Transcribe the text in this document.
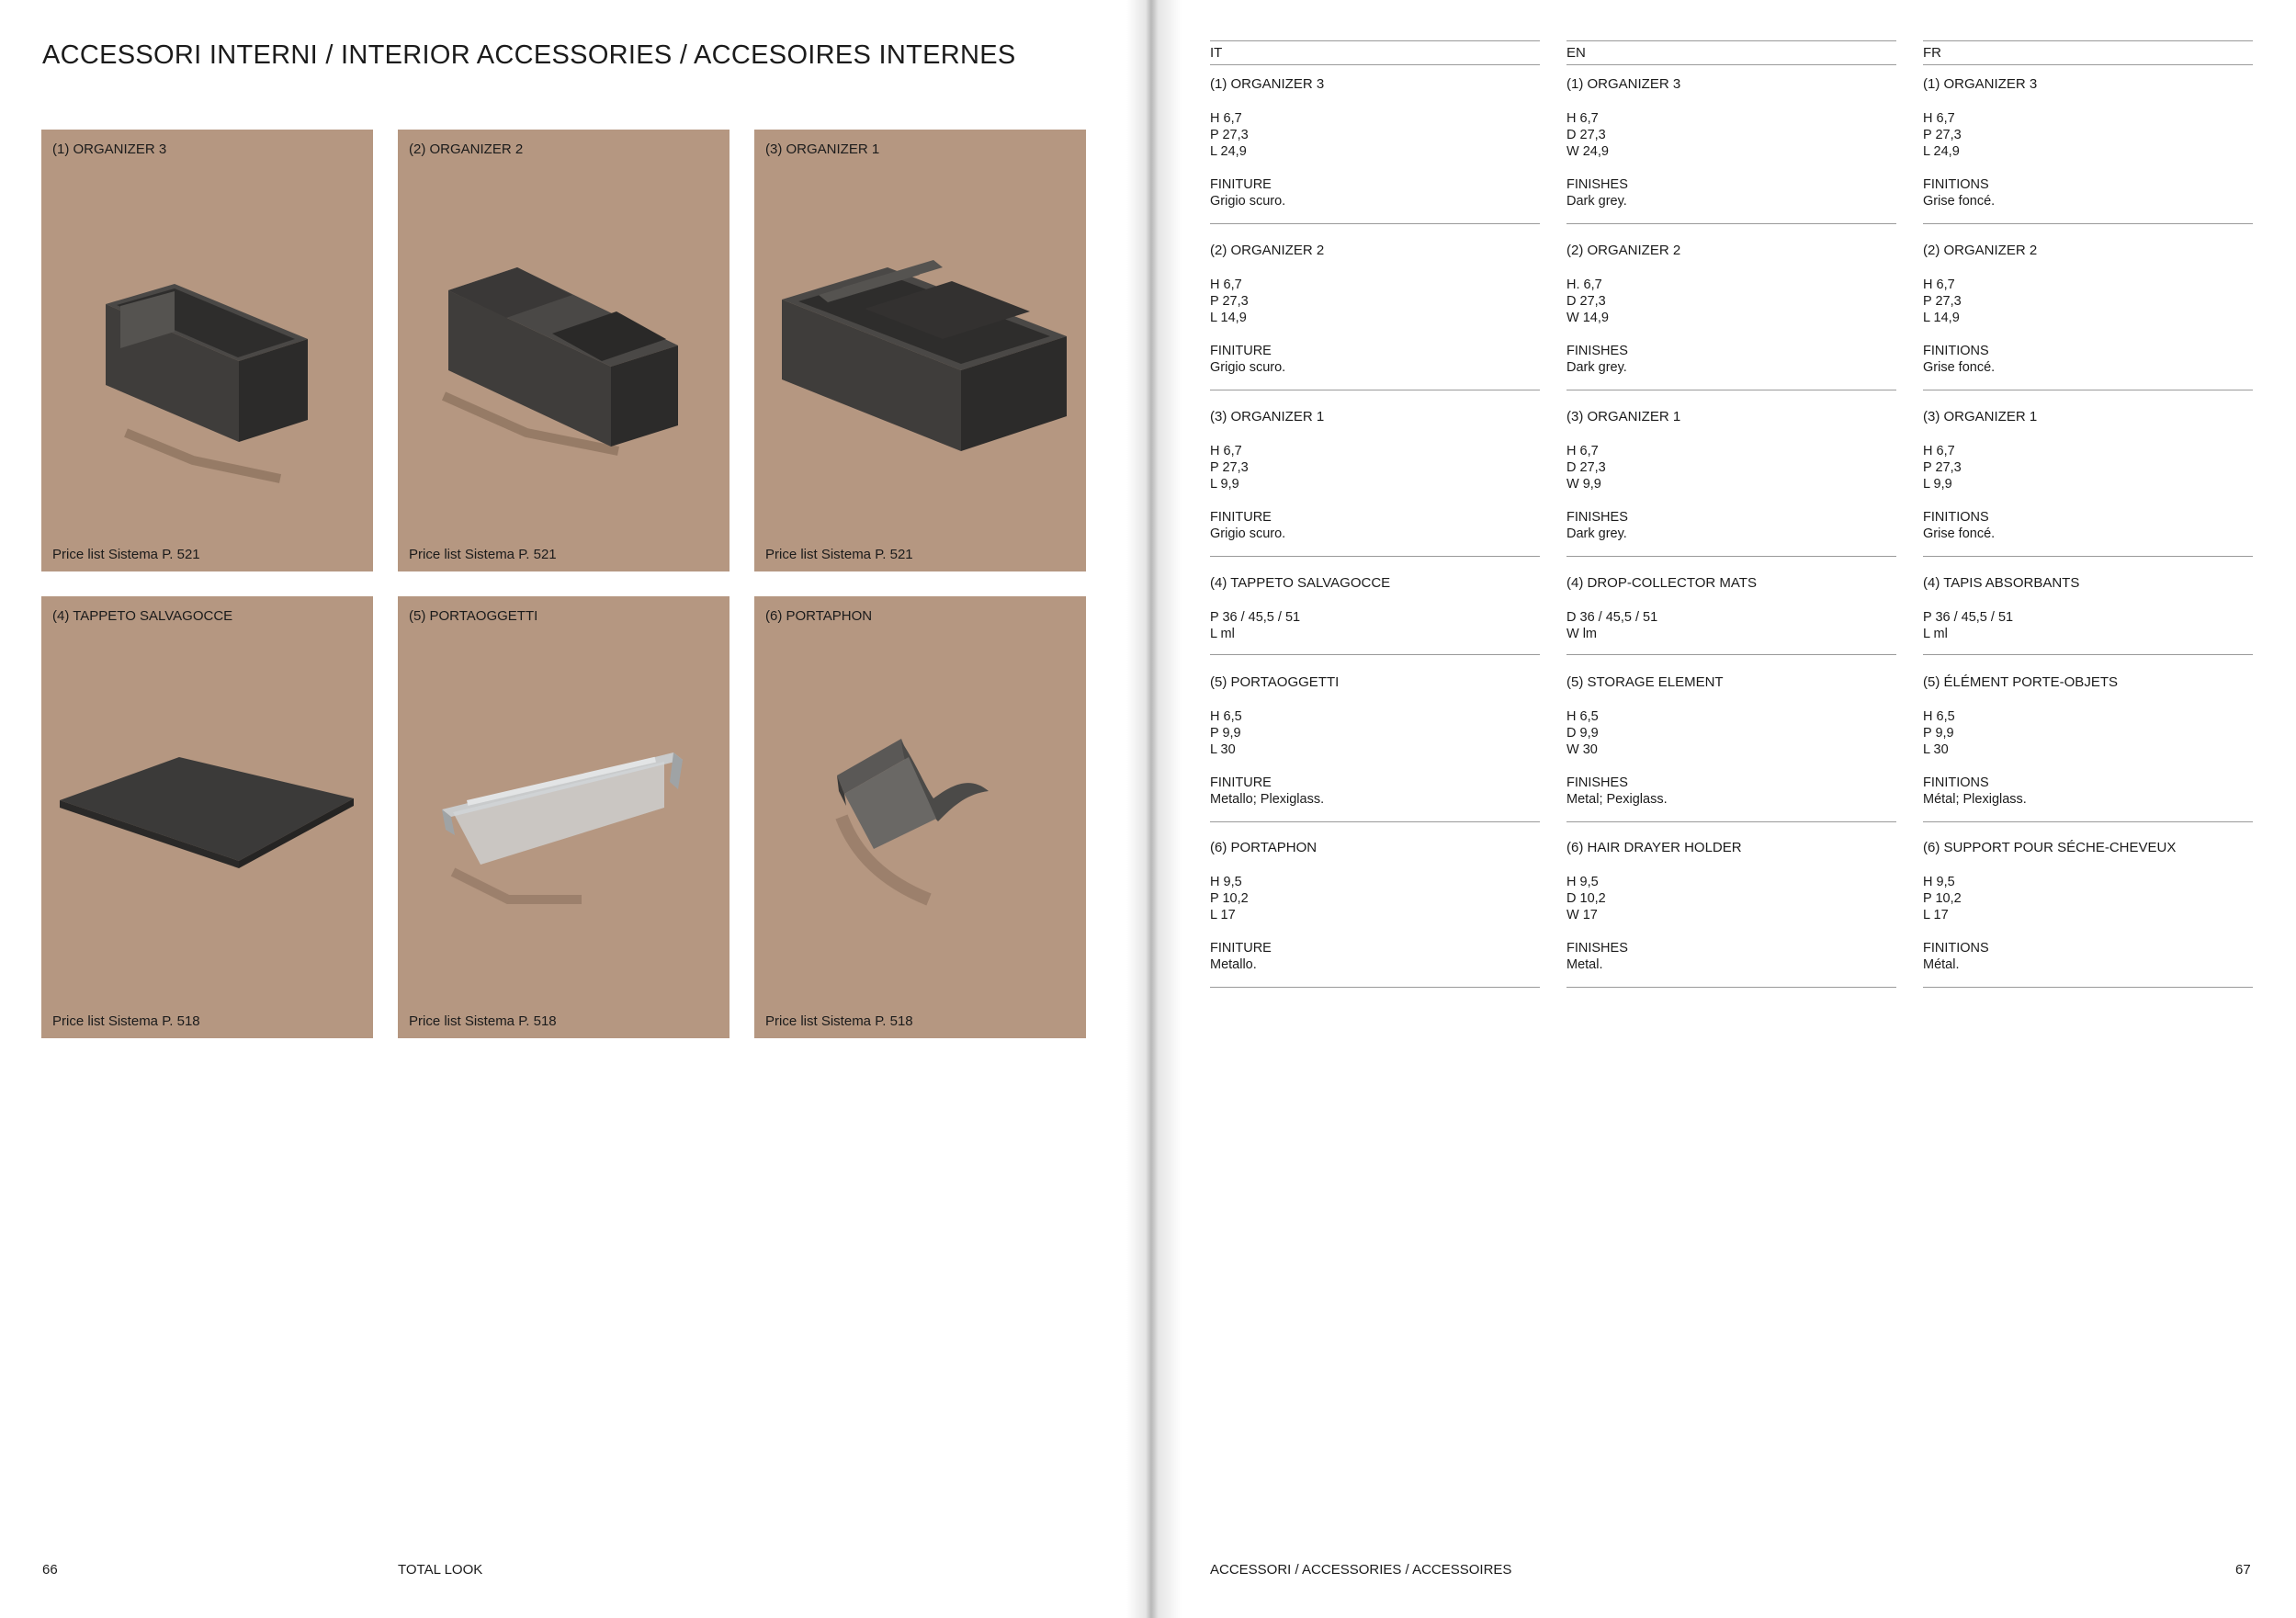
ACCESSORI INTERNI / INTERIOR ACCESSORIES / ACCESOIRES INTERNES
(1) ORGANIZER 3
Price list Sistema P. 521
(2) ORGANIZER 2
Price list Sistema P. 521
(3) ORGANIZER 1
Price list Sistema P. 521
(4) TAPPETO SALVAGOCCE
Price list Sistema P. 518
(5) PORTAOGGETTI
Price list Sistema P. 518
(6) PORTAPHON
Price list Sistema P. 518
66	TOTAL LOOK
IT
(1) ORGANIZER 3
H 6,7
P 27,3
L 24,9
FINITURE
Grigio scuro.
(2) ORGANIZER 2
H 6,7
P 27,3
L 14,9
FINITURE
Grigio scuro.
(3) ORGANIZER 1
H 6,7
P 27,3
L 9,9
FINITURE
Grigio scuro.
(4) TAPPETO SALVAGOCCE
P 36 / 45,5 / 51
L ml
(5) PORTAOGGETTI
H 6,5
P 9,9
L 30
FINITURE
Metallo; Plexiglass.
(6) PORTAPHON
H 9,5
P 10,2
L 17
FINITURE
Metallo.
EN
(1) ORGANIZER 3
H 6,7
D 27,3
W 24,9
FINISHES
Dark grey.
(2) ORGANIZER 2
H. 6,7
D 27,3
W 14,9
FINISHES
Dark grey.
(3) ORGANIZER 1
H 6,7
D 27,3
W 9,9
FINISHES
Dark grey.
(4) DROP-COLLECTOR MATS
D 36 / 45,5 / 51
W lm
(5) STORAGE ELEMENT
H 6,5
D 9,9
W 30
FINISHES
Metal; Pexiglass.
(6) HAIR DRAYER HOLDER
H 9,5
D 10,2
W 17
FINISHES
Metal.
FR
(1) ORGANIZER 3
H 6,7
P 27,3
L 24,9
FINITIONS
Grise foncé.
(2) ORGANIZER 2
H 6,7
P 27,3
L 14,9
FINITIONS
Grise foncé.
(3) ORGANIZER 1
H 6,7
P 27,3
L 9,9
FINITIONS
Grise foncé.
(4) TAPIS ABSORBANTS
P 36 / 45,5 / 51
L ml
(5) ÉLÉMENT PORTE-OBJETS
H 6,5
P 9,9
L 30
FINITIONS
Métal; Plexiglass.
(6) SUPPORT POUR SÉCHE-CHEVEUX
H 9,5
P 10,2
L 17
FINITIONS
Métal.
ACCESSORI / ACCESSORIES / ACCESSOIRES	67
